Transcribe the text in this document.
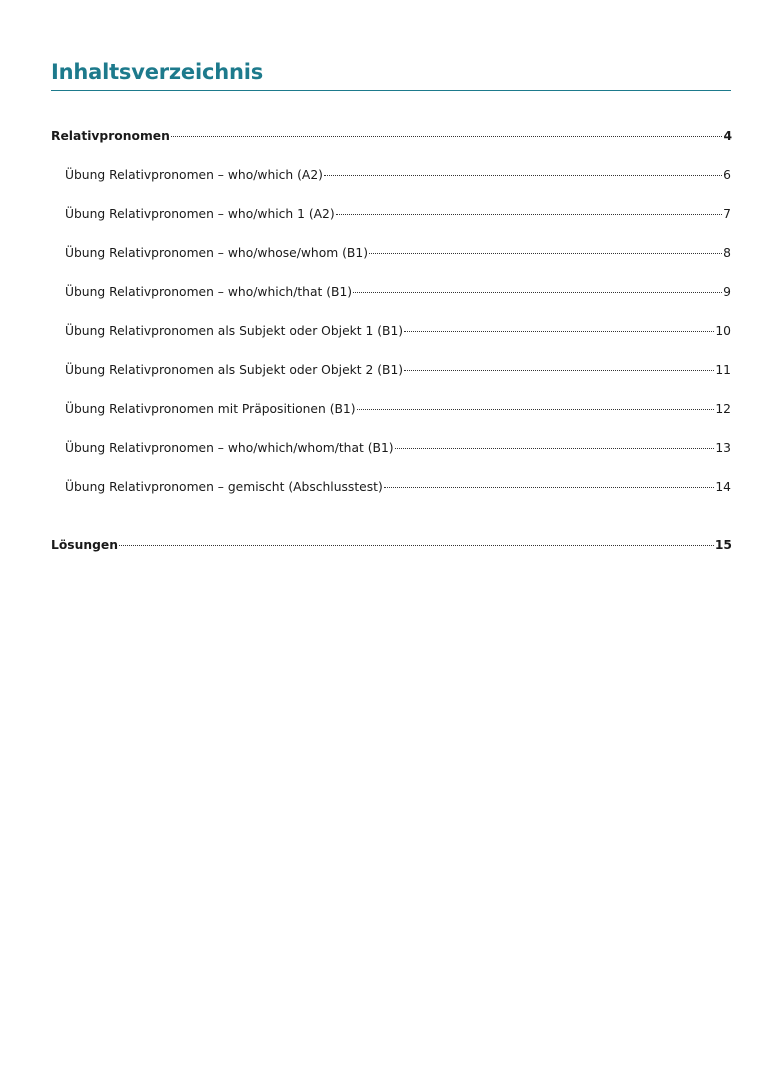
Inhaltsverzeichnis
Relativpronomen	4
Übung Relativpronomen – who/which (A2)	6
Übung Relativpronomen – who/which 1 (A2)	7
Übung Relativpronomen – who/whose/whom (B1)	8
Übung Relativpronomen – who/which/that (B1)	9
Übung Relativpronomen als Subjekt oder Objekt 1 (B1)	10
Übung Relativpronomen als Subjekt oder Objekt 2 (B1)	11
Übung Relativpronomen mit Präpositionen (B1)	12
Übung Relativpronomen – who/which/whom/that (B1)	13
Übung Relativpronomen – gemischt (Abschlusstest)	14
Lösungen	15
